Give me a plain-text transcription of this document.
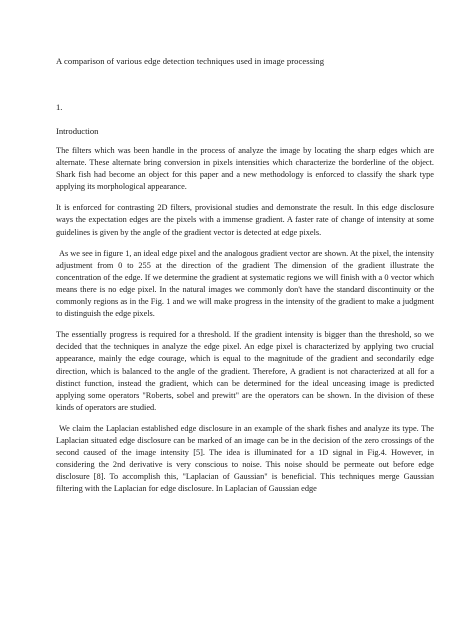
A comparison of various edge detection techniques used in image processing

1.

Introduction

The filters which was been handle in the process of analyze the image by locating the sharp edges which are alternate. These alternate bring conversion in pixels intensities which characterize the borderline of the object. Shark fish had become an object for this paper and a new methodology is enforced to classify the shark type applying its morphological appearance.

It is enforced for contrasting 2D filters, provisional studies and demonstrate the result. In this edge disclosure ways the expectation edges are the pixels with a immense gradient. A faster rate of change of intensity at some guidelines is given by the angle of the gradient vector is detected at edge pixels.

As we see in figure 1, an ideal edge pixel and the analogous gradient vector are shown. At the pixel, the intensity adjustment from 0 to 255 at the direction of the gradient The dimension of the gradient illustrate the concentration of the edge. If we determine the gradient at systematic regions we will finish with a 0 vector which means there is no edge pixel. In the natural images we commonly don't have the standard discontinuity or the commonly regions as in the Fig. 1 and we will make progress in the intensity of the gradient to make a judgment to distinguish the edge pixels.

The essentially progress is required for a threshold. If the gradient intensity is bigger than the threshold, so we decided that the techniques in analyze the edge pixel. An edge pixel is characterized by applying two crucial appearance, mainly the edge courage, which is equal to the magnitude of the gradient and secondarily edge direction, which is balanced to the angle of the gradient. Therefore, A gradient is not characterized at all for a distinct function, instead the gradient, which can be determined for the ideal unceasing image is predicted applying some operators "Roberts, sobel and prewitt" are the operators can be shown. In the division of these kinds of operators are studied.

We claim the Laplacian established edge disclosure in an example of the shark fishes and analyze its type. The Laplacian situated edge disclosure can be marked of an image can be in the decision of the zero crossings of the second caused of the image intensity [5]. The idea is illuminated for a 1D signal in Fig.4. However, in considering the 2nd derivative is very conscious to noise. This noise should be permeate out before edge disclosure [8]. To accomplish this, "Laplacian of Gaussian" is beneficial. This techniques merge Gaussian filtering with the Laplacian for edge disclosure. In Laplacian of Gaussian edge
